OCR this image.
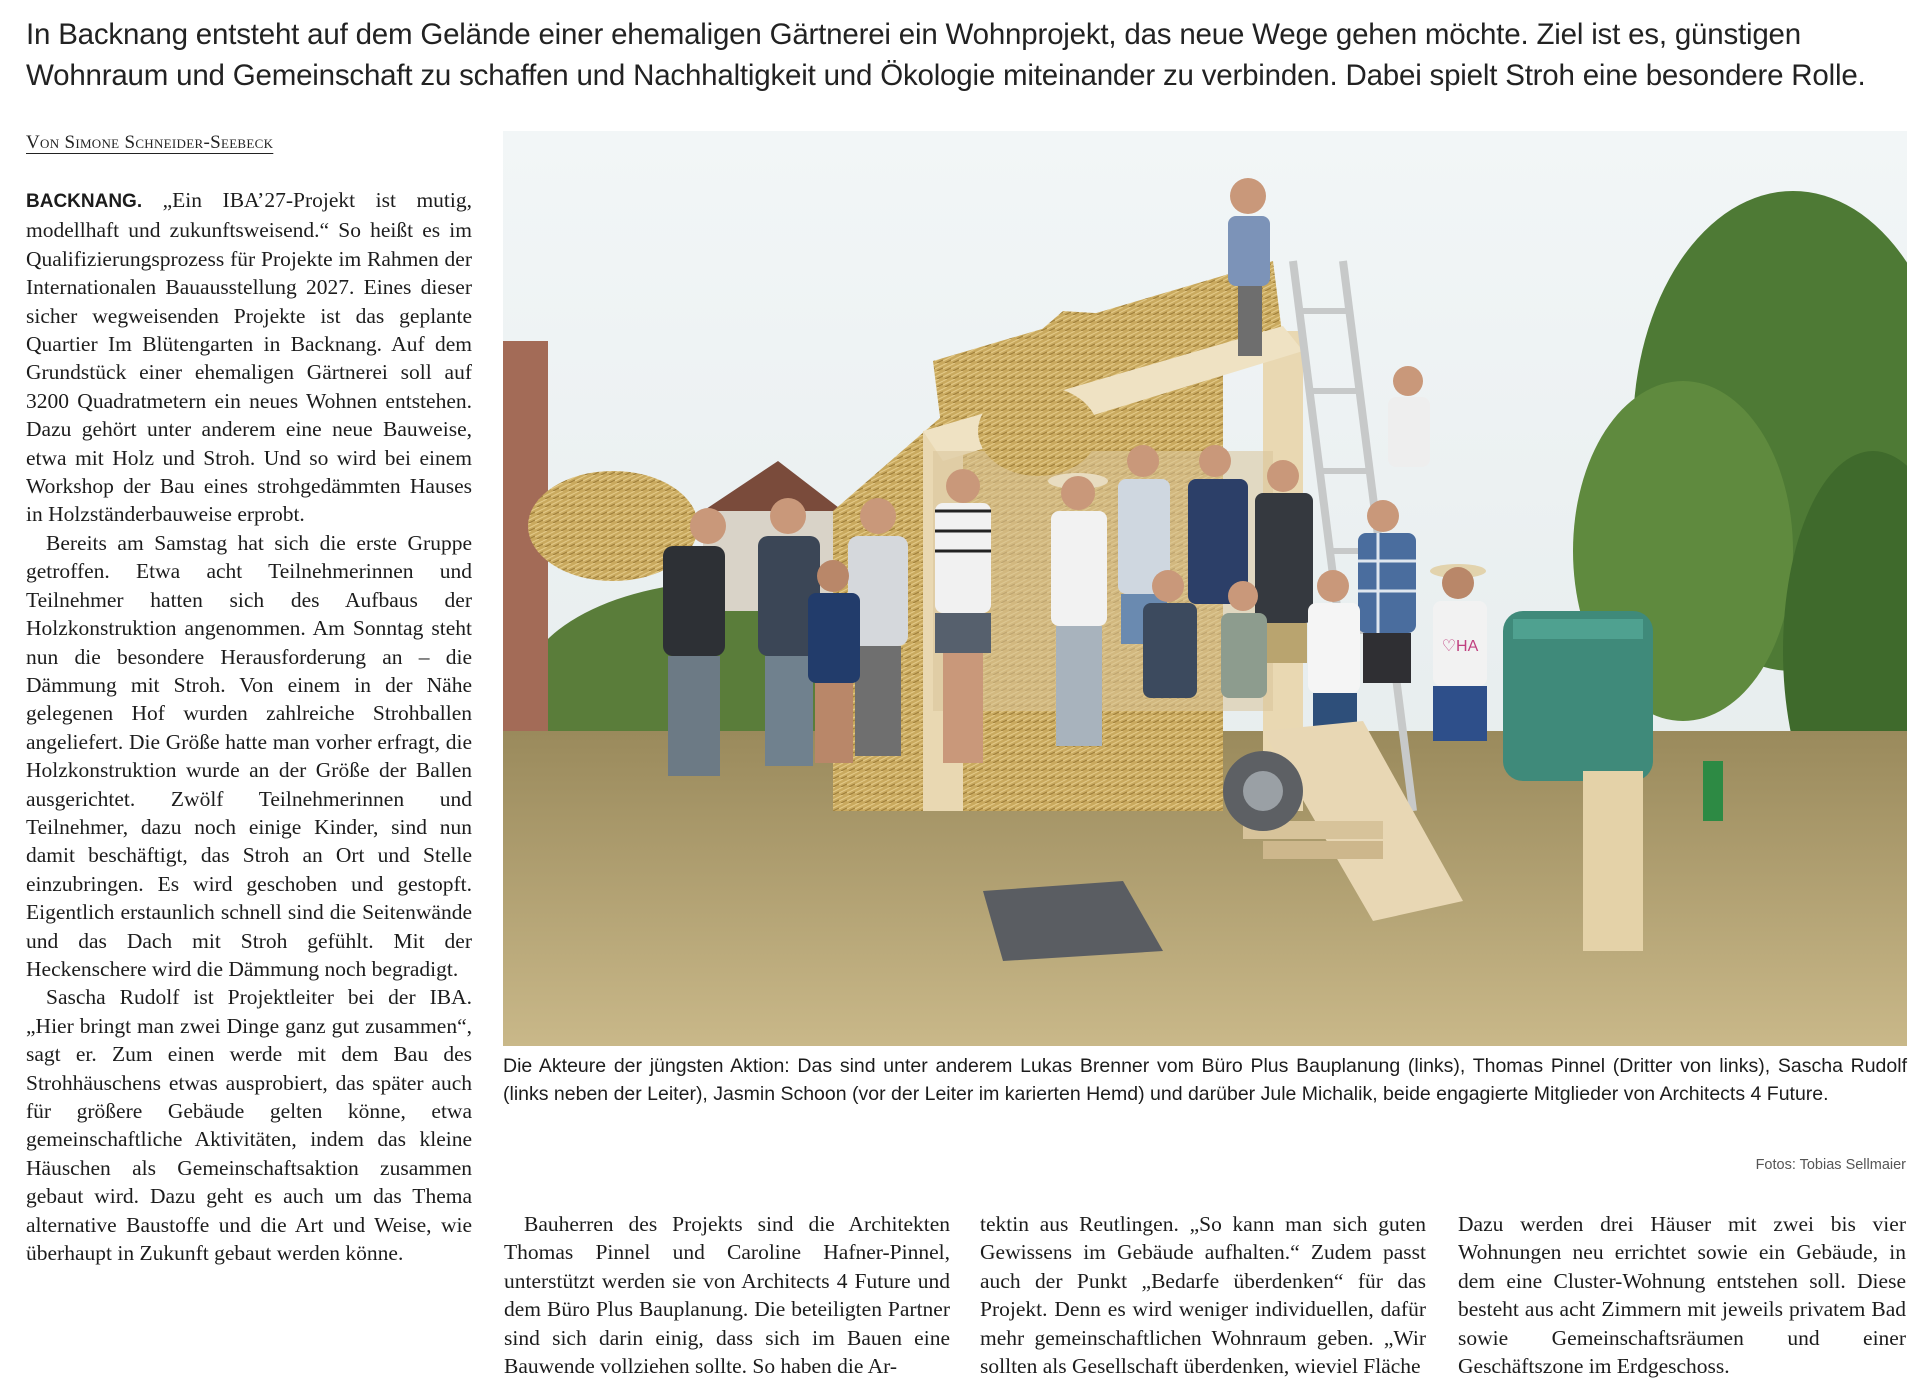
In Backnang entsteht auf dem Gelände einer ehemaligen Gärtnerei ein Wohnprojekt, das neue Wege gehen möchte. Ziel ist es, günstigen Wohnraum und Gemeinschaft zu schaffen und Nachhaltigkeit und Ökologie miteinander zu verbinden. Dabei spielt Stroh eine besondere Rolle.
Von Simone Schneider-Seebeck

BACKNANG. „Ein IBA’27-Projekt ist mutig, modellhaft und zukunftsweisend.“ So heißt es im Qualifizierungsprozess für Projekte im Rahmen der Internationalen Bauausstellung 2027. Eines dieser sicher wegweisenden Projekte ist das geplante Quartier Im Blütengarten in Backnang. Auf dem Grundstück einer ehemaligen Gärtnerei soll auf 3200 Quadratmetern ein neues Wohnen entstehen. Dazu gehört unter anderem eine neue Bauweise, etwa mit Holz und Stroh. Und so wird bei einem Workshop der Bau eines strohgedämmten Hauses in Holzständerbauweise erprobt.

Bereits am Samstag hat sich die erste Gruppe getroffen. Etwa acht Teilnehmerinnen und Teilnehmer hatten sich des Aufbaus der Holzkonstruktion angenommen. Am Sonntag steht nun die besondere Herausforderung an – die Dämmung mit Stroh. Von einem in der Nähe gelegenen Hof wurden zahlreiche Strohballen angeliefert. Die Größe hatte man vorher erfragt, die Holzkonstruktion wurde an der Größe der Ballen ausgerichtet. Zwölf Teilnehmerinnen und Teilnehmer, dazu noch einige Kinder, sind nun damit beschäftigt, das Stroh an Ort und Stelle einzubringen. Es wird geschoben und gestopft. Eigentlich erstaunlich schnell sind die Seitenwände und das Dach mit Stroh gefühlt. Mit der Heckenschere wird die Dämmung noch begradigt.

Sascha Rudolf ist Projektleiter bei der IBA. „Hier bringt man zwei Dinge ganz gut zusammen“, sagt er. Zum einen werde mit dem Bau des Strohhäuschens etwas ausprobiert, das später auch für größere Gebäude gelten könne, etwa gemeinschaftliche Aktivitäten, indem das kleine Häuschen als Gemeinschaftsaktion zusammen gebaut wird. Dazu geht es auch um das Thema alternative Baustoffe und die Art und Weise, wie überhaupt in Zukunft gebaut werden könne.

♡HA
Die Akteure der jüngsten Aktion: Das sind unter anderem Lukas Brenner vom Büro Plus Bauplanung (links), Thomas Pinnel (Dritter von links), Sascha Rudolf (links neben der Leiter), Jasmin Schoon (vor der Leiter im karierten Hemd) und darüber Jule Michalik, beide engagierte Mitglieder von Architects 4 Future.
Fotos: Tobias Sellmaier

Bauherren des Projekts sind die Architekten Thomas Pinnel und Caroline Hafner-Pinnel, unterstützt werden sie von Architects 4 Future und dem Büro Plus Bauplanung. Die beteiligten Partner sind sich darin einig, dass sich im Bauen eine Bauwende vollziehen sollte. So haben die Ar-

tektin aus Reutlingen. „So kann man sich guten Gewissens im Gebäude aufhalten.“ Zudem passt auch der Punkt „Bedarfe überdenken“ für das Projekt. Denn es wird weniger individuellen, dafür mehr gemeinschaftlichen Wohnraum geben. „Wir sollten als Gesellschaft überdenken, wieviel Fläche

Dazu werden drei Häuser mit zwei bis vier Wohnungen neu errichtet sowie ein Gebäude, in dem eine Cluster-Wohnung entstehen soll. Diese besteht aus acht Zimmern mit jeweils privatem Bad sowie Gemeinschaftsräumen und einer Geschäftszone im Erdgeschoss.
